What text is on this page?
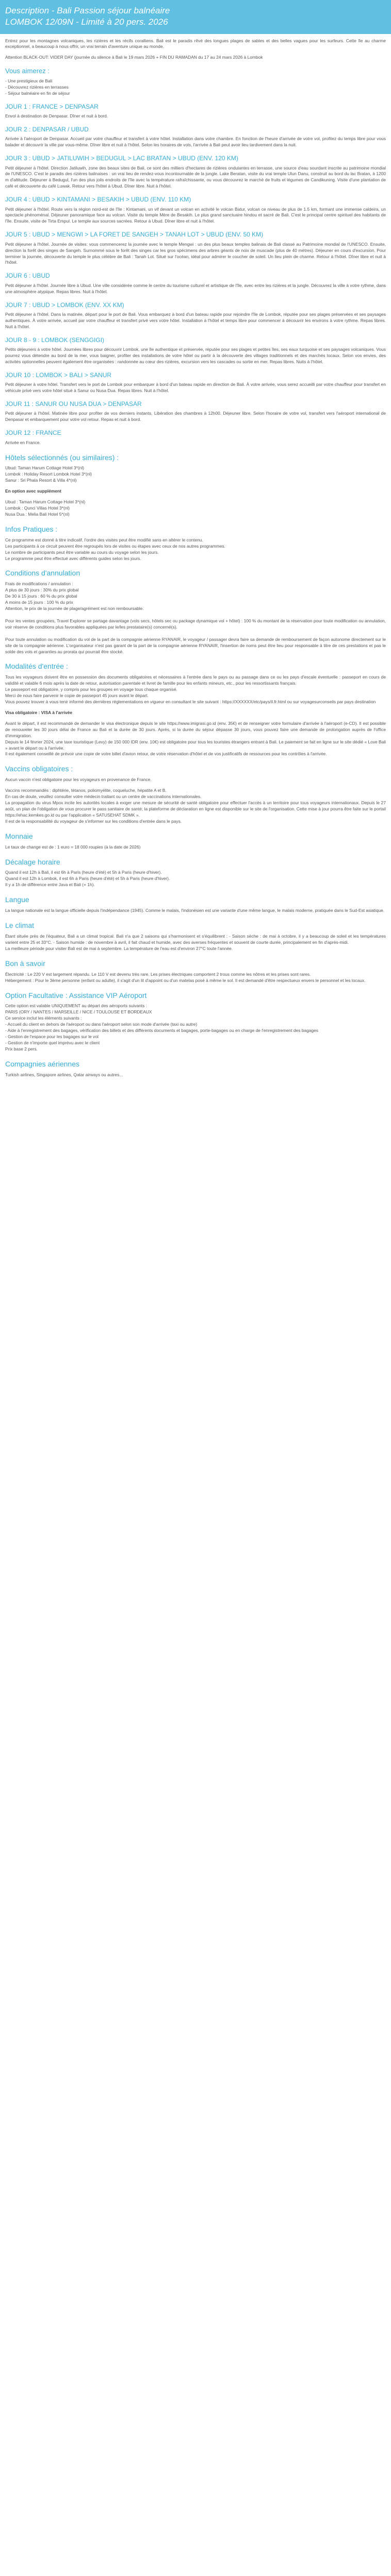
Description - Bali Passion séjour balnéaire LOMBOK 12/09N - Limité à 20 pers. 2026

Entrez pour les montagnes volcaniques, les rizières et les récifs coralliens. Bali est le paradis rêvé des longues plages de sables et des belles vagues pour les surfeurs. Cette île au charme exceptionnel, a beaucoup à nous offrir, un vrai terrain d'aventure unique au monde.

Attention BLACK-OUT: VIDER DAY (journée du silence à Bali le 19 mars 2026 + FIN DU RAMADAN du 17 au 24 mars 2026 à Lombok

Vous aimerez :
- Une prestigieux de Bali
- Découvrez rizières en terrasses
- Séjour balnéaire en fin de séjour
JOUR 1 : FRANCE > DENPASAR

Envol à destination de Denpasar. Dîner et nuit à bord.

JOUR 2 : DENPASAR / UBUD

Arrivée à l'aéroport de Denpasar. Accueil par votre chauffeur et transfert à votre hôtel. Installation dans votre chambre. En fonction de l'heure d'arrivée de votre vol, profitez du temps libre pour vous balader et découvrir la ville par vous-même. Dîner libre et nuit à l'hôtel. Selon les horaires de vols, l'arrivée à Bali peut avoir lieu tardivement dans la nuit.

JOUR 3 : UBUD > JATILUWIH > BEDUGUL > LAC BRATAN > UBUD (ENV. 120 KM)

Petit déjeuner à l'hôtel. Direction Jatiluwih, zone des beaux sites de Bali, ce sont des milliers d'hectares de rizières ondulantes en terrasse, une source d'eau sourdant inscrite au patrimoine mondial de l'UNESCO. C'est le paradis des rizières balinaises : un vrai lieu de rendez-vous incontournable de la jungle. Lake Beratan, visite du vrai temple Ulun Danu, construit au bord du lac Bratan, à 1200 m d'altitude. Déjeuner à Bedugul, l'un des plus jolis endroits de l'île avec la température rafraîchissante, ou vous découvrez le marché de fruits et légumes de Candikuning. Visite d'une plantation de café et découverte du café Luwak. Retour vers l'hôtel à Ubud. Dîner libre. Nuit à l'hôtel.

JOUR 4 : UBUD > KINTAMANI > BESAKIH > UBUD (ENV. 110 KM)

Petit déjeuner à l'hôtel. Route vers la région nord-est de l'île : Kintamani, un vif devant un volcan en activité le volcan Batur, volcan ce niveau de plus de 1.5 km, formant une immense caldeira, un spectacle phénoménal. Déjeuner panoramique face au volcan. Visite du temple Mère de Besakih. Le plus grand sanctuaire hindou et sacré de Bali. C'est le principal centre spirituel des habitants de l'île. Ensuite, visite de Tirta Empul. Le temple aux sources sacrées. Retour à Ubud. Dîner libre et nuit à l'hôtel.

JOUR 5 : UBUD > MENGWI > LA FORET DE SANGEH > TANAH LOT > UBUD (ENV. 50 KM)

Petit déjeuner à l'hôtel. Journée de visites: vous commencerez la journée avec le temple Mengwi : un des plus beaux temples balinais de Bali classé au Patrimoine mondial de l'UNESCO. Ensuite, direction la forêt des singes de Sangeh. Surnommé sous le forêt des singes car les gros spécimens des arbres géants de noix de muscade (plus de 40 mètres). Déjeuner en cours d'excursion. Pour terminer la journée, découverte du temple le plus célèbre de Bali : Tanah Lot. Situé sur l'océan, idéal pour admirer le coucher de soleil. Un lieu plein de charme. Retour à l'hôtel. Dîner libre et nuit à l'hôtel.

JOUR 6 : UBUD

Petit déjeuner à l'hôtel. Journée libre à Ubud. Une ville considérée comme le centre du tourisme culturel et artistique de l'île, avec entre les rizières et la jungle. Découvrez la ville à votre rythme, dans une atmosphère atypique. Repas libres. Nuit à l'hôtel.

JOUR 7 : UBUD > LOMBOK (ENV. XX KM)

Petit déjeuner à l'hôtel. Dans la matinée, départ pour le port de Bali. Vous embarquez à bord d'un bateau rapide pour rejoindre l'île de Lombok, réputée pour ses plages préservées et ses paysages authentiques. À votre arrivée, accueil par votre chauffeur et transfert privé vers votre hôtel. Installation à l'hôtel et temps libre pour commencer à découvrir les environs à votre rythme. Repas libres. Nuit à l'hôtel.

JOUR 8 - 9 : LOMBOK (SENGGIGI)

Petits déjeuners à votre hôtel. Journées libres pour découvrir Lombok, une île authentique et préservée, réputée pour ses plages et petites îles, ses eaux turquoise et ses paysages volcaniques. Vous pourrez vous détendre au bord de la mer, vous baigner, profiter des installations de votre hôtel ou partir à la découverte des villages traditionnels et des marchés locaux. Selon vos envies, des activités optionnelles peuvent également être organisées : randonnée au cœur des rizières, excursion vers les cascades ou sortie en mer. Repas libres. Nuits à l'hôtel.

JOUR 10 : LOMBOK > BALI > SANUR

Petit déjeuner à votre hôtel. Transfert vers le port de Lombok pour embarquer à bord d'un bateau rapide en direction de Bali. À votre arrivée, vous serez accueilli par votre chauffeur pour transfert en véhicule privé vers votre hôtel situé à Sanur ou Nusa Dua. Repas libres. Nuit à l'hôtel.

JOUR 11 : SANUR OU NUSA DUA > DENPASAR

Petit déjeuner à l'hôtel. Matinée libre pour profiter de vos derniers instants. Libération des chambres à 12h00. Déjeuner libre. Selon l'horaire de votre vol, transfert vers l'aéroport international de Denpasar et embarquement pour votre vol retour. Repas et nuit à bord.

JOUR 12 : FRANCE

Arrivée en France.

Hôtels sélectionnés (ou similaires) :
Ubud: Taman Harum Cottage Hotel 3*(nl)
Lombok : Holiday Resort Lombok Hotel 3*(nl)
Sanur : Sri Phala Resort & Villa 4*(nl)

En option avec supplément

Ubud : Taman Harum Cottage Hotel 3*(nl)
Lombok : Qunci Villas Hotel 3*(nl)
Nusa Dua : Melia Bali Hotel 5*(nl)
Infos Pratiques :

Ce programme est donné à titre indicatif, l'ordre des visites peut être modifié sans en altérer le contenu.
Les participants à ce circuit peuvent être regroupés lors de visites ou étapes avec ceux de nos autres programmes.
Le nombre de participants peut être variable au cours du voyage selon les jours.
Le programme peut être effectué avec différents guides selon les jours.

Conditions d'annulation

Frais de modifications / annulation :
A plus de 30 jours : 30% du prix global
De 30 à 15 jours : 60 % du prix global
A moins de 15 jours : 100 % du prix
Attention, le prix de la journée de plage/agrément est non remboursable.

Pour les ventes groupées, Travel Explorer se partage davantage (vols secs, hôtels sec ou package dynamique vol + hôtel) : 100 % du montant de la réservation pour toute modification ou annulation, voir réserve de conditions plus favorables appliquées par le/les prestataire(s) concerné(s).

Pour toute annulation ou modification du vol de la part de la compagnie aérienne RYANAIR, le voyageur / passager devra faire sa demande de remboursement de façon autonome directement sur le site de la compagnie aérienne. L'organisateur n'est pas garant de la part de la compagnie aérienne RYANAIR, l'insertion de noms peut être lieu pour responsable à titre de ces prestations et pas le solde des vols et garanties au prorata qui pourrait être stocké.

Modalités d'entrée :

Tous les voyageurs doivent être en possession des documents obligatoires et nécessaires à l'entrée dans le pays ou au passage dans ce ou les pays d'escale éventuelle : passeport en cours de validité et valable 6 mois après la date de retour, autorisation parentale et livret de famille pour les enfants mineurs, etc., pour les ressortissants français.
Le passeport est obligatoire, y compris pour les groupes en voyage tous chaque organisé.
Merci de nous faire parvenir le copie de passeport 45 jours avant le départ.
Vous pouvez trouver à vous tenir informé des dernières réglementations en vigueur en consultant le site suivant : https://XXXXXX/etc/pays/il.fr.html ou sur voyagesurconseils par pays destination

Visa obligatoire : VISA à l'arrivée

Avant le départ, il est recommandé de demander le visa électronique depuis le site https://www.imigrasi.go.id (env. 35€) et de renseigner votre formulaire d'arrivée à l'aéroport (e-CD). Il est possible de renouveler les 30 jours délai de France au Bali et la durée de 30 jours. Après, si la durée du séjour dépasse 30 jours, vous pouvez faire une demande de prolongation auprès de l'office d'immigration.
Depuis le 14 février 2024, une taxe touristique (Levy) de 150 000 IDR (env. 10€) est obligatoire pour tous les touristes étrangers entrant à Bali. Le paiement se fait en ligne sur le site dédié « Love Bali » avant le départ ou à l'arrivée.
Il est également conseillé de prévoir une copie de votre billet d'avion retour, de votre réservation d'hôtel et de vos justificatifs de ressources pour les contrôles à l'arrivée.

Vaccins obligatoires :

Aucun vaccin n'est obligatoire pour les voyageurs en provenance de France.

Vaccins recommandés : diphtérie, tétanos, poliomyélite, coqueluche, hépatite A et B.
En cas de doute, veuillez consulter votre médecin traitant ou un centre de vaccinations internationales.
La propagation du virus Mpox incite les autorités locales à exiger une mesure de sécurité de santé obligatoire pour effectuer l'accès à un territoire pour tous voyageurs internationaux. Depuis le 27 août, un plan de l'obligation de vous procurer le pass sanitaire de santé; la plateforme de déclaration en ligne est disponible sur le site de l'organisation. Cette mise à jour pourra être faite sur le portail https://ehac.kemkes.go.id ou par l'application « SATUSEHAT SDMK ».
Il est de la responsabilité du voyageur de s'informer sur les conditions d'entrée dans le pays.

Monnaie

Le taux de change est de : 1 euro = 18 000 roupies (à la date de 2026)

Décalage horaire

Quand il est 12h à Bali, il est 6h à Paris (heure d'été) et 5h à Paris (heure d'hiver).
Quand il est 12h à Lombok, il est 6h à Paris (heure d'été) et 5h à Paris (heure d'hiver).
Il y a 1h de différence entre Java et Bali (+ 1h).

Langue

La langue nationale est la langue officielle depuis l'indépendance (1945). Comme le malais, l'indonésien est une variante d'une même langue, le malais moderne, pratiquée dans le Sud-Est asiatique.

Le climat

Étant située près de l'équateur, Bali a un climat tropical. Bali n'a que 2 saisons qui s'harmonisent et s'équilibrent : - Saison sèche : de mai à octobre, il y a beaucoup de soleil et les températures varient entre 25 et 33°C. - Saison humide : de novembre à avril, il fait chaud et humide, avec des averses fréquentes et souvent de courte durée, principalement en fin d'après-midi.
La meilleure période pour visiter Bali est de mai à septembre. La température de l'eau est d'environ 27°C toute l'année.

Bon à savoir

Électricité : Le 220 V est largement répandu. Le 110 V est devenu très rare. Les prises électriques comportent 2 trous comme les nôtres et les prises sont rares.
Hébergement : Pour le 3ème personne (enfant ou adulte), il s'agit d'un lit d'appoint ou d'un matelas posé à même le sol. Il est demandé d'être respectueux envers le personnel et les locaux.

Option Facultative : Assistance VIP Aéroport

Cette option est valable UNIQUEMENT au départ des aéroports suivants :
PARIS (ORY / NANTES / MARSEILLE / NICE / TOULOUSE ET BORDEAUX
Ce service inclut les éléments suivants :
- Accueil du client en dehors de l'aéroport ou dans l'aéroport selon son mode d'arrivée (taxi ou autre)
- Aide à l'enregistrement des bagages, vérification des billets et des différents documents et bagages, porte-bagages ou en charge de l'enregistrement des bagages
- Gestion de l'espace pour les bagages sur le vol
- Gestion de n'importe quel imprévu avec le client
Prix base 2 pers.

Compagnies aériennes

Turkish airlines, Singapore airlines, Qatar airways ou autres...
